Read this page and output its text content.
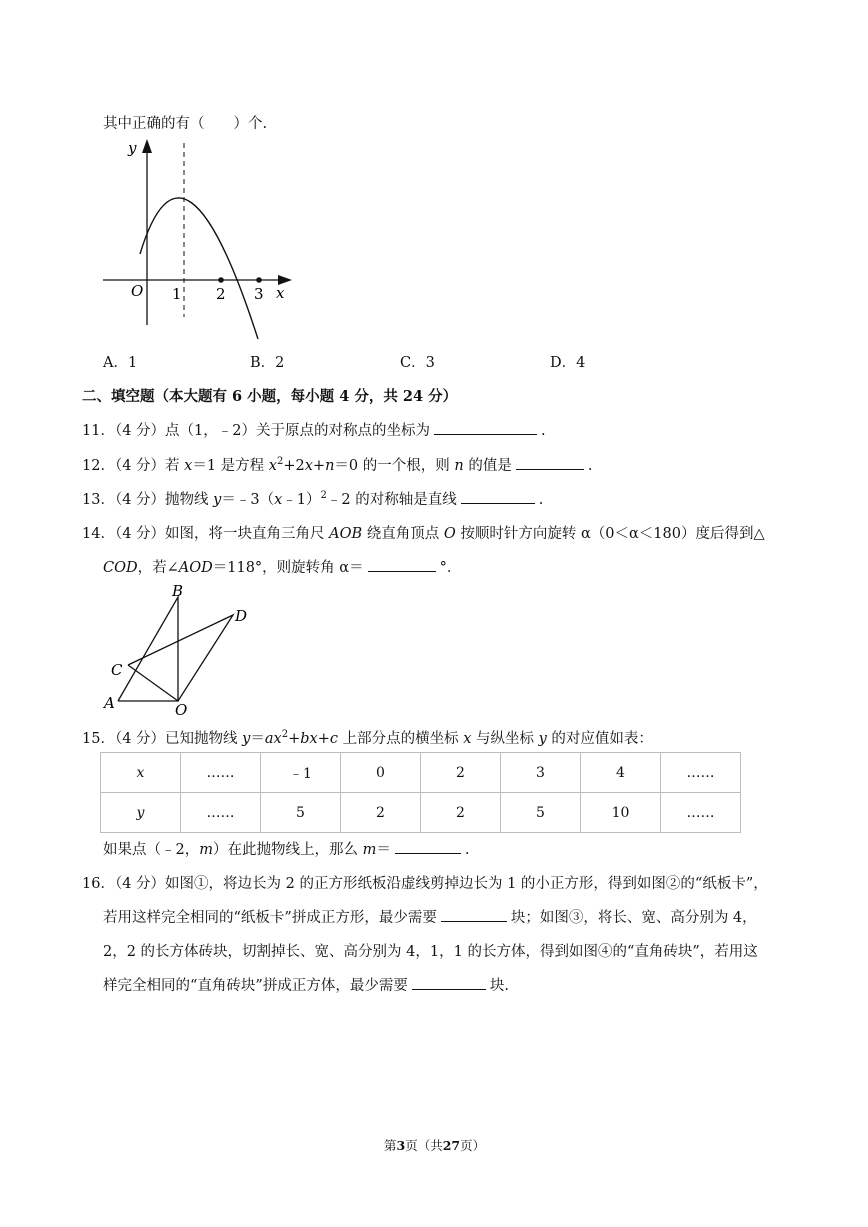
其中正确的有（　　）个.
y
x
O 1 2 3
A．1	B．2	C．3	D．4
二、填空题（本大题有 6 小题，每小题 4 分，共 24 分）
11．（4 分）点（1，﹣2）关于原点的对称点的坐标为	.
12．（4 分）若 x＝1 是方程 $x^2+2x+n=0$ 的一个根，则 n 的值是	.
13．（4 分）抛物线 y＝﹣3（x﹣1）$^2$﹣2 的对称轴是直线	.
14．（4 分）如图，将一块直角三角尺 AOB 绕直角顶点 O 按顺时针方向旋转 α（0＜α＜180）度后得到△
COD，若∠AOD＝118°，则旋转角 α＝	°．
B
D
C
A	O
15．（4 分）已知抛物线 $y=ax^2+bx+c$ 上部分点的横坐标 x 与纵坐标 y 的对应值如表：
x	……	﹣1	0	2	3	4	……
y	……	5	2	2	5	10	……
如果点（﹣2，m）在此抛物线上，那么 m＝	.
16．（4 分）如图①，将边长为 2 的正方形纸板沿虚线剪掉边长为 1 的小正方形，得到如图②的“纸板卡”，
若用这样完全相同的“纸板卡”拼成正方形，最少需要	块；如图③，将长、宽、高分别为 4，
2，2 的长方体砖块，切割掉长、宽、高分别为 4，1，1 的长方体，得到如图④的“直角砖块”，若用这
样完全相同的“直角砖块”拼成正方体，最少需要	块.
第3页（共27页）
